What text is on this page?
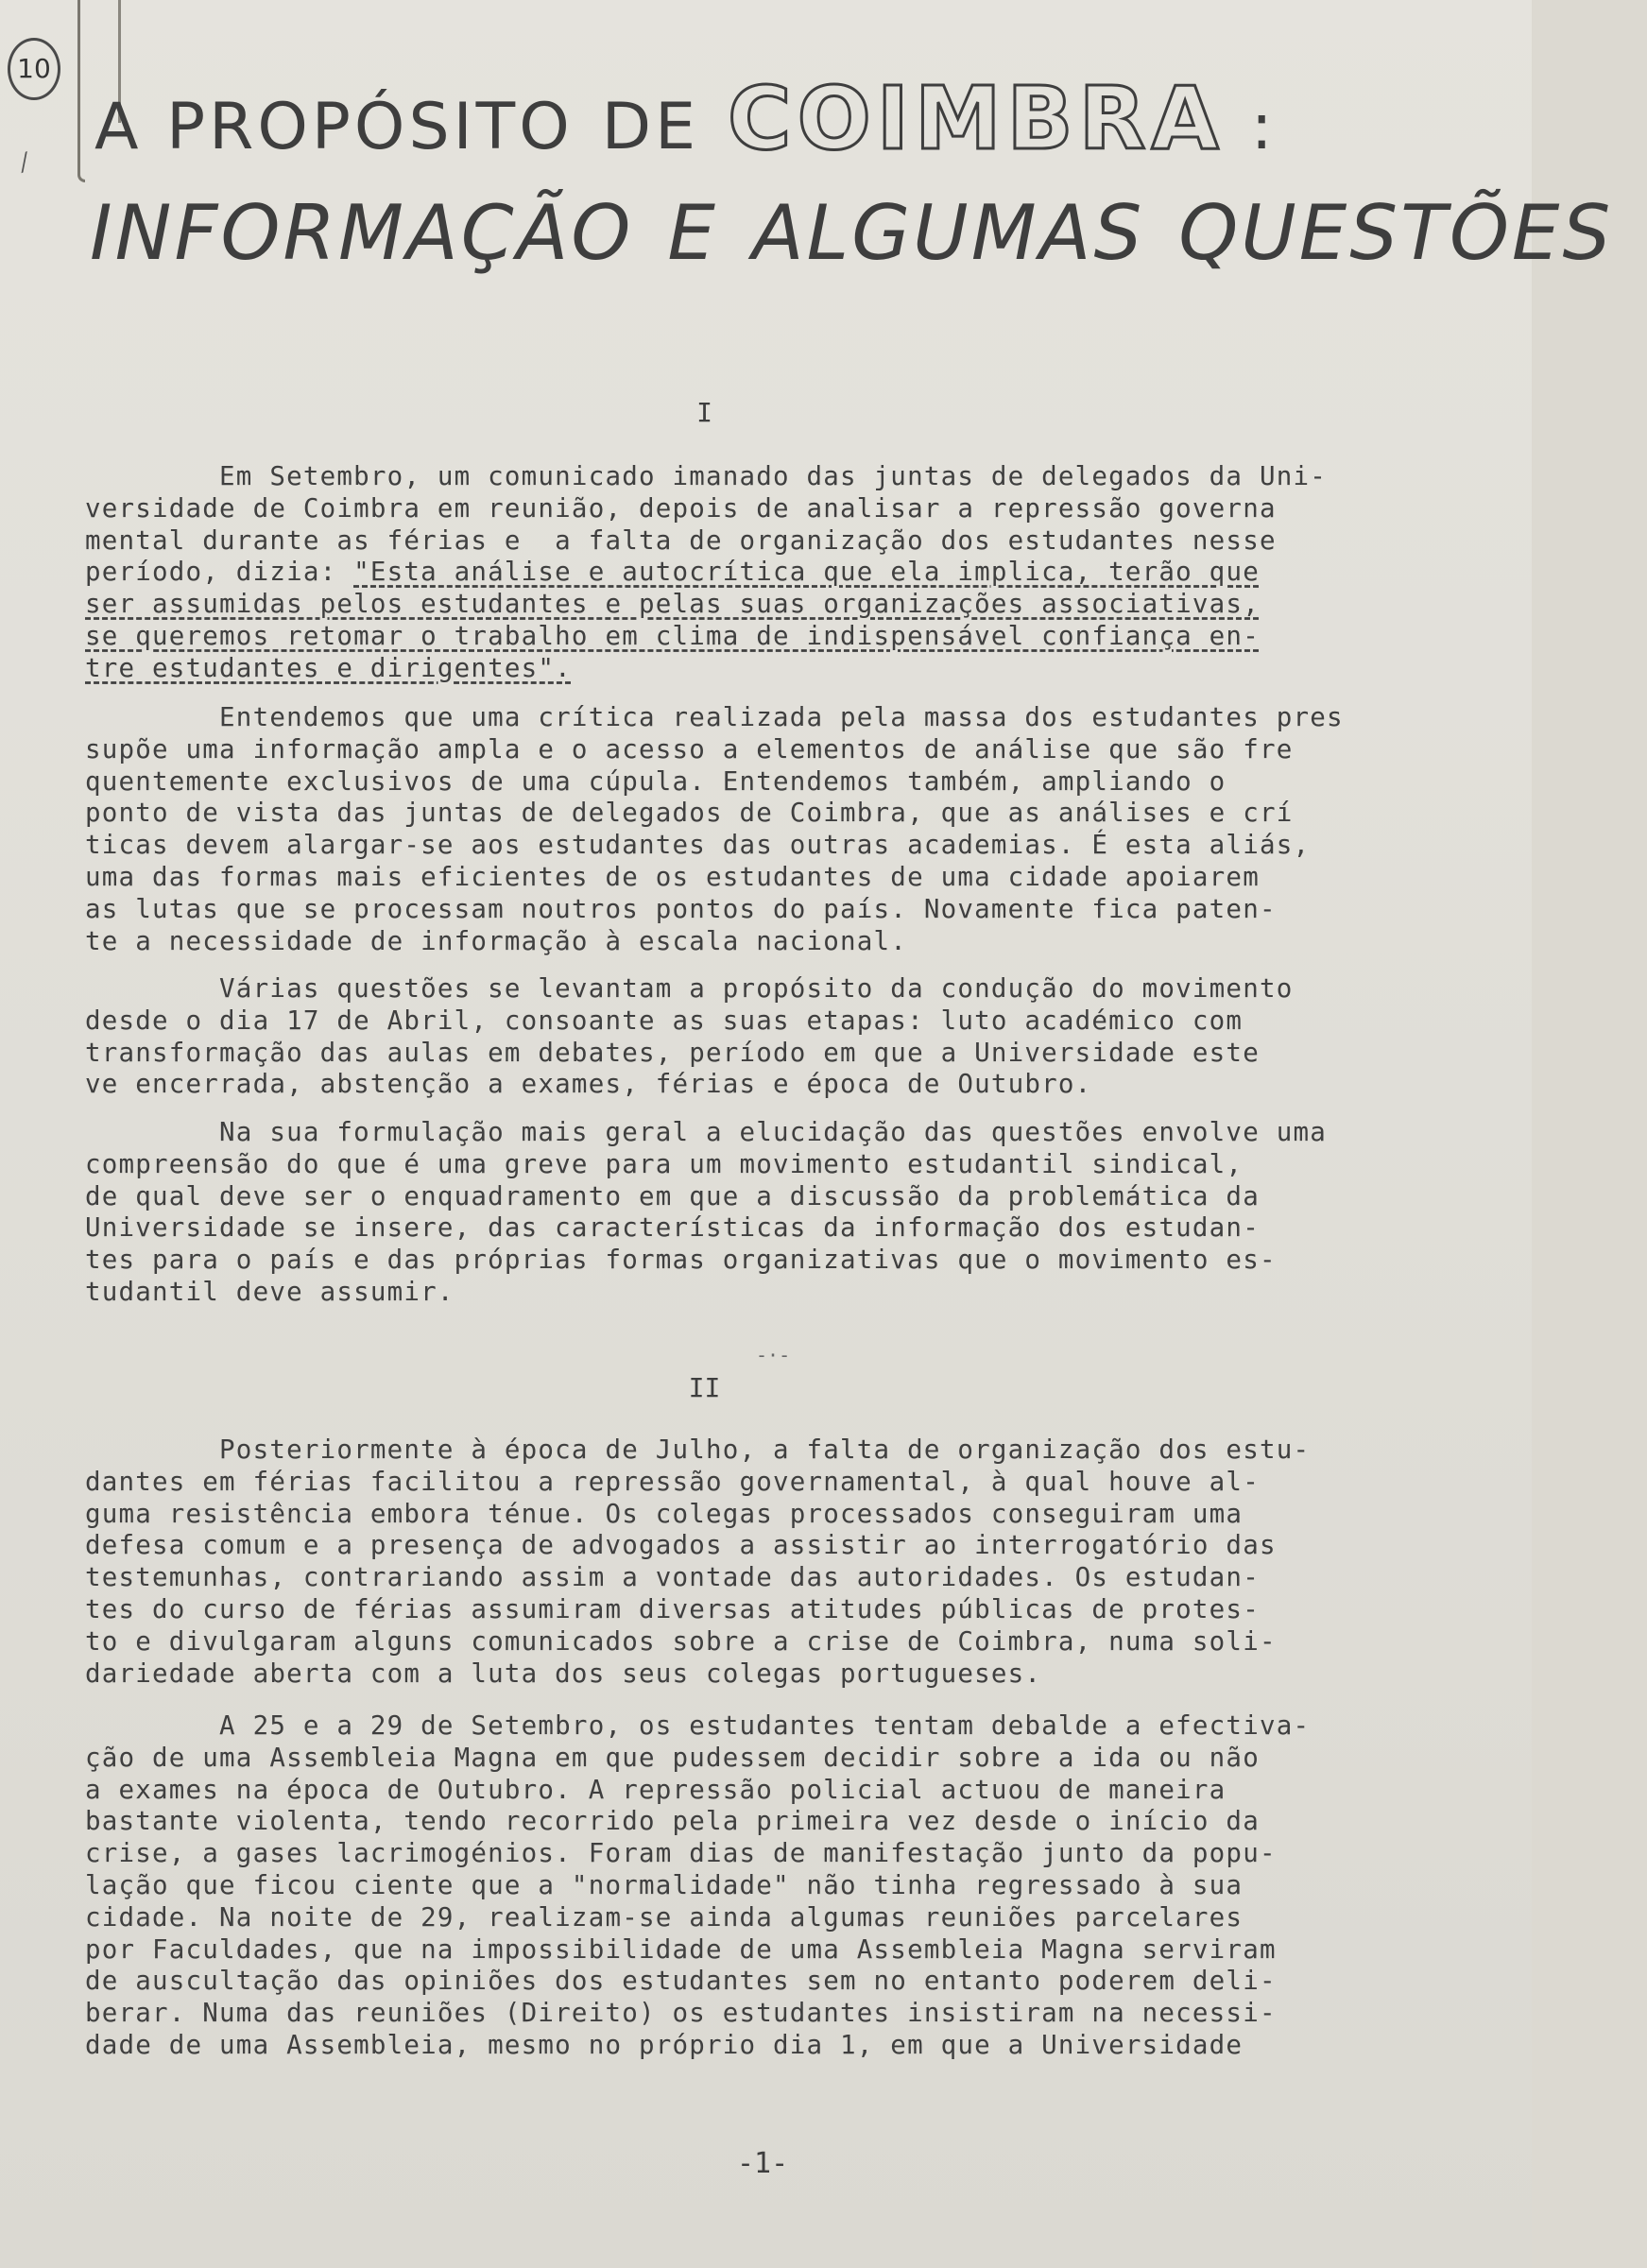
10
⁄ A PROPÓSITO DE COIMBRA :
INFORMAÇÃO E ALGUMAS QUESTÕES
I
Em Setembro, um comunicado imanado das juntas de delegados da Uni-
versidade de Coimbra em reunião, depois de analisar a repressão governa
mental durante as férias e  a falta de organização dos estudantes nesse
período, dizia: "Esta análise e autocrítica que ela implica, terão que
ser assumidas pelos estudantes e pelas suas organizações associativas,
se queremos retomar o trabalho em clima de indispensável confiança en-
tre estudantes e dirigentes".
Entendemos que uma crítica realizada pela massa dos estudantes pres
supõe uma informação ampla e o acesso a elementos de análise que são fre
quentemente exclusivos de uma cúpula. Entendemos também, ampliando o
ponto de vista das juntas de delegados de Coimbra, que as análises e crí
ticas devem alargar-se aos estudantes das outras academias. É esta aliás,
uma das formas mais eficientes de os estudantes de uma cidade apoiarem
as lutas que se processam noutros pontos do país. Novamente fica paten-
te a necessidade de informação à escala nacional.
Várias questões se levantam a propósito da condução do movimento
desde o dia 17 de Abril, consoante as suas etapas: luto académico com
transformação das aulas em debates, período em que a Universidade este
ve encerrada, abstenção a exames, férias e época de Outubro.
Na sua formulação mais geral a elucidação das questões envolve uma
compreensão do que é uma greve para um movimento estudantil sindical,
de qual deve ser o enquadramento em que a discussão da problemática da
Universidade se insere, das características da informação dos estudan-
tes para o país e das próprias formas organizativas que o movimento es-
tudantil deve assumir.
-·-
II
Posteriormente à época de Julho, a falta de organização dos estu-
dantes em férias facilitou a repressão governamental, à qual houve al-
guma resistência embora ténue. Os colegas processados conseguiram uma
defesa comum e a presença de advogados a assistir ao interrogatório das
testemunhas, contrariando assim a vontade das autoridades. Os estudan-
tes do curso de férias assumiram diversas atitudes públicas de protes-
to e divulgaram alguns comunicados sobre a crise de Coimbra, numa soli-
dariedade aberta com a luta dos seus colegas portugueses.
A 25 e a 29 de Setembro, os estudantes tentam debalde a efectiva-
ção de uma Assembleia Magna em que pudessem decidir sobre a ida ou não
a exames na época de Outubro. A repressão policial actuou de maneira
bastante violenta, tendo recorrido pela primeira vez desde o início da
crise, a gases lacrimogénios. Foram dias de manifestação junto da popu-
lação que ficou ciente que a "normalidade" não tinha regressado à sua
cidade. Na noite de 29, realizam-se ainda algumas reuniões parcelares
por Faculdades, que na impossibilidade de uma Assembleia Magna serviram
de auscultação das opiniões dos estudantes sem no entanto poderem deli-
berar. Numa das reuniões (Direito) os estudantes insistiram na necessi-
dade de uma Assembleia, mesmo no próprio dia 1, em que a Universidade
-1-
